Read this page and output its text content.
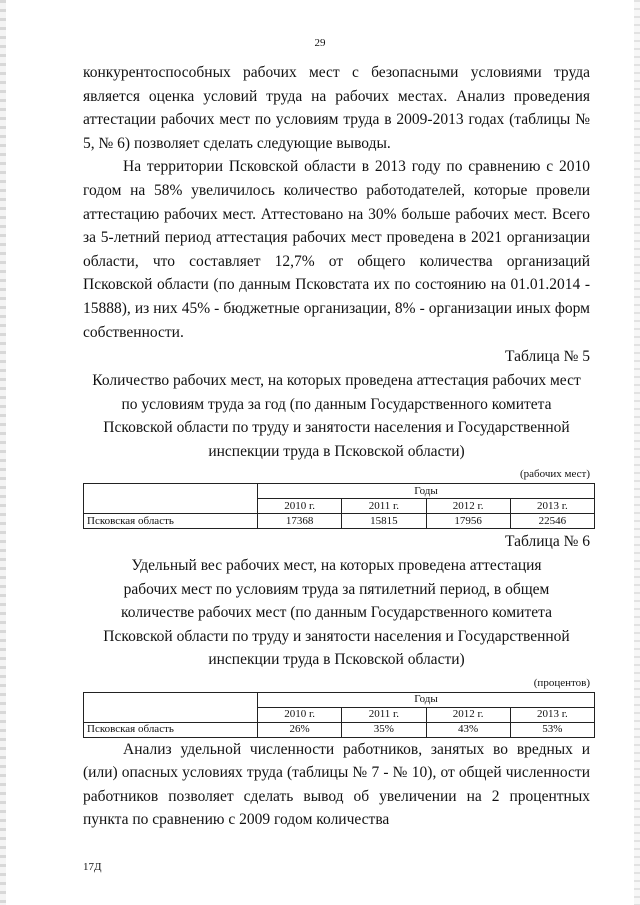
29

конкурентоспособных рабочих мест с безопасными условиями труда является оценка условий труда на рабочих местах. Анализ проведения аттестации рабочих мест по условиям труда в 2009-2013 годах (таблицы № 5, № 6) позволяет сделать следующие выводы.

На территории Псковской области в 2013 году по сравнению с 2010 годом на 58% увеличилось количество работодателей, которые провели аттестацию рабочих мест. Аттестовано на 30% больше рабочих мест. Всего за 5-летний период аттестация рабочих мест проведена в 2021 организации области, что составляет 12,7% от общего количества организаций Псковской области (по данным Псковстата их по состоянию на 01.01.2014 - 15888), из них 45% - бюджетные организации, 8% - организации иных форм собственности.

Таблица № 5

Количество рабочих мест, на которых проведена аттестация рабочих мест
по условиям труда за год (по данным Государственного комитета
Псковской области по труду и занятости населения и Государственной
инспекции труда в Псковской области)
(рабочих мест)
	Годы			
	2010 г.	2011 г.	2012 г.	2013 г.
Псковская область	17368	15815	17956	22546

Таблица № 6

Удельный вес рабочих мест, на которых проведена аттестация
рабочих мест по условиям труда за пятилетний период, в общем
количестве рабочих мест (по данным Государственного комитета
Псковской области по труду и занятости населения и Государственной
инспекции труда в Псковской области)
(процентов)
	Годы			
	2010 г.	2011 г.	2012 г.	2013 г.
Псковская область	26%	35%	43%	53%

Анализ удельной численности работников, занятых во вредных и (или) опасных условиях труда (таблицы № 7 - № 10), от общей численности работников позволяет сделать вывод об увеличении на 2 процентных пункта по сравнению с 2009 годом количества

17Д
